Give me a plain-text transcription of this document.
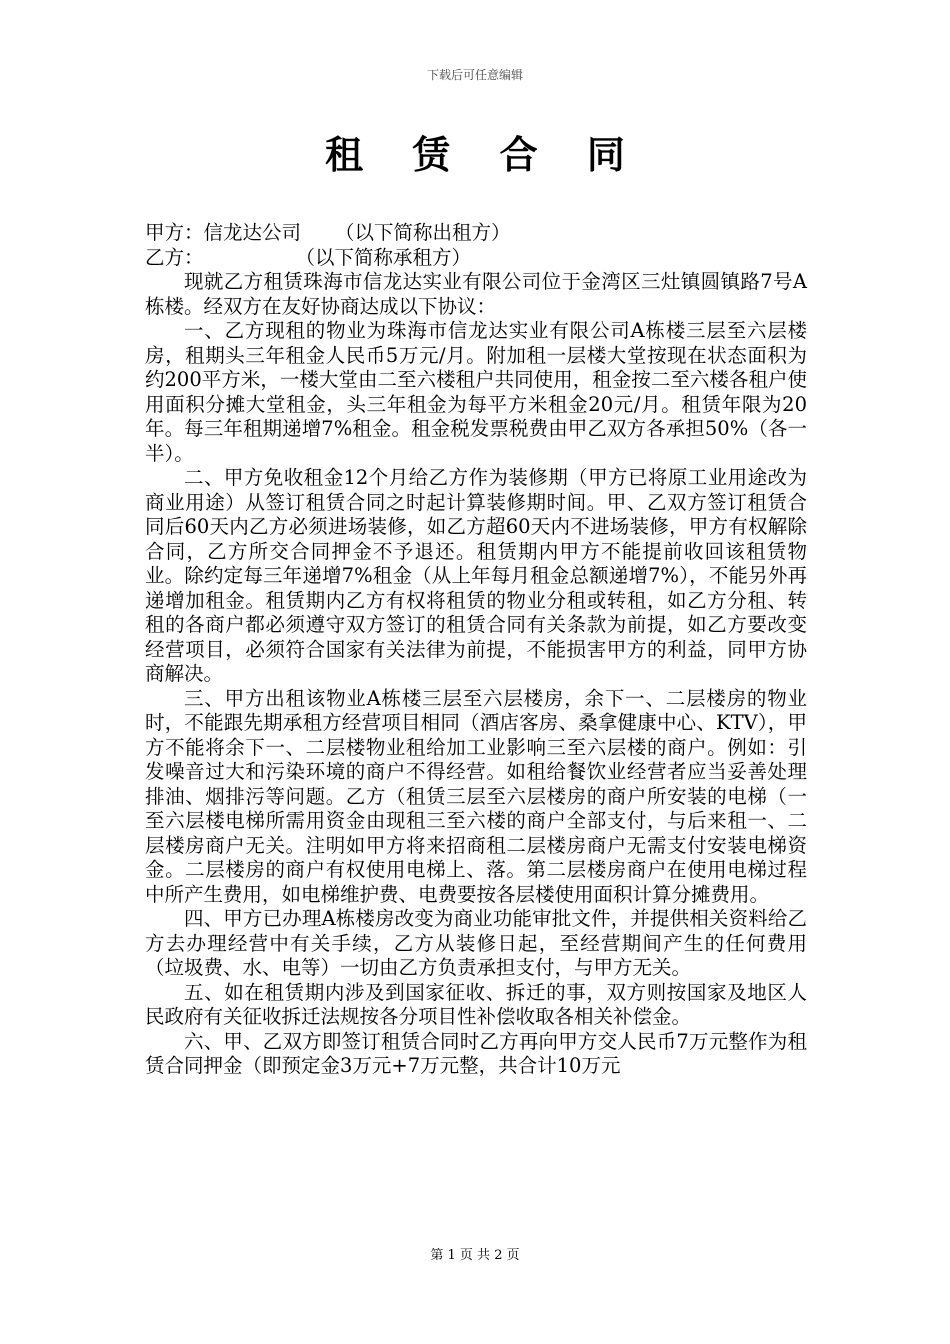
下载后可任意编辑
租 赁 合 同

甲方：信龙达公司 （以下简称出租方）

乙方：	（以下简称承租方）

现就乙方租赁珠海市信龙达实业有限公司位于金湾区三灶镇圆镇路7号A栋楼。经双方在友好协商达成以下协议：

一、乙方现租的物业为珠海市信龙达实业有限公司A栋楼三层至六层楼房，租期头三年租金人民币5万元/月。附加租一层楼大堂按现在状态面积为约200平方米，一楼大堂由二至六楼租户共同使用，租金按二至六楼各租户使用面积分摊大堂租金，头三年租金为每平方米租金20元/月。租赁年限为20年。每三年租期递增7%租金。租金税发票税费由甲乙双方各承担50%（各一半）。

二、甲方免收租金12个月给乙方作为装修期（甲方已将原工业用途改为商业用途）从签订租赁合同之时起计算装修期时间。甲、乙双方签订租赁合同后60天内乙方必须进场装修，如乙方超60天内不进场装修，甲方有权解除合同，乙方所交合同押金不予退还。租赁期内甲方不能提前收回该租赁物业。除约定每三年递增7%租金（从上年每月租金总额递增7%），不能另外再递增加租金。租赁期内乙方有权将租赁的物业分租或转租，如乙方分租、转租的各商户都必须遵守双方签订的租赁合同有关条款为前提，如乙方要改变经营项目，必须符合国家有关法律为前提，不能损害甲方的利益，同甲方协商解决。

三、甲方出租该物业A栋楼三层至六层楼房，余下一、二层楼房的物业时，不能跟先期承租方经营项目相同（酒店客房、桑拿健康中心、KTV），甲方不能将余下一、二层楼物业租给加工业影响三至六层楼的商户。例如：引发噪音过大和污染环境的商户不得经营。如租给餐饮业经营者应当妥善处理排油、烟排污等问题。乙方（租赁三层至六层楼房的商户所安装的电梯（一至六层楼电梯所需用资金由现租三至六楼的商户全部支付，与后来租一、二层楼房商户无关。注明如甲方将来招商租二层楼房商户无需支付安装电梯资金。二层楼房的商户有权使用电梯上、落。第二层楼房商户在使用电梯过程中所产生费用，如电梯维护费、电费要按各层楼使用面积计算分摊费用。

四、甲方已办理A栋楼房改变为商业功能审批文件，并提供相关资料给乙方去办理经营中有关手续，乙方从装修日起，至经营期间产生的任何费用（垃圾费、水、电等）一切由乙方负责承担支付，与甲方无关。

五、如在租赁期内涉及到国家征收、拆迁的事，双方则按国家及地区人民政府有关征收拆迁法规按各分项目性补偿收取各相关补偿金。

六、甲、乙双方即签订租赁合同时乙方再向甲方交人民币7万元整作为租赁合同押金（即预定金3万元+7万元整，共合计10万元

第 1 页 共 2 页
